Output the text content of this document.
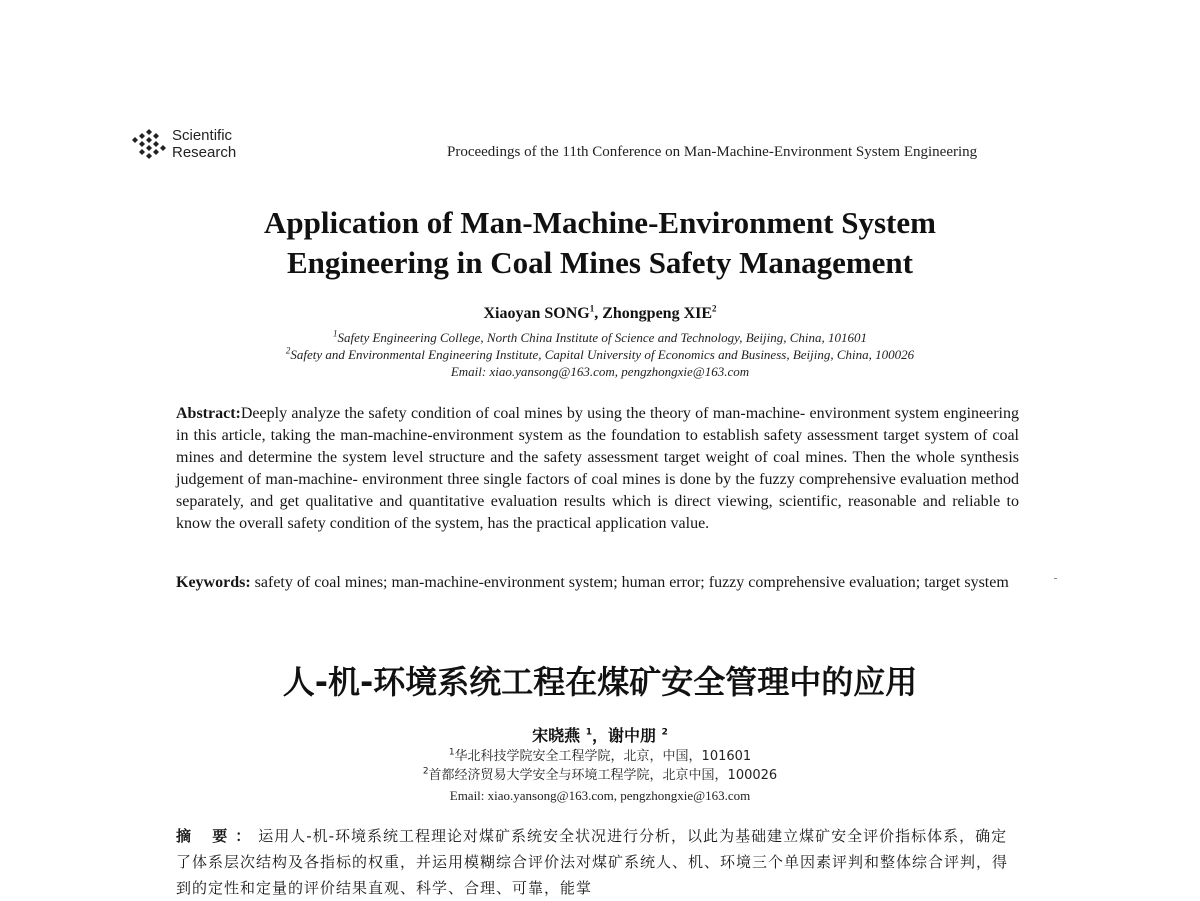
Scientific
Research	Proceedings of the 11th Conference on Man-Machine-Environment System Engineering
Application of Man-Machine-Environment System
Engineering in Coal Mines Safety Management
Xiaoyan SONG$^1$, Zhongpeng XIE$^2$
$^1$Safety Engineering College, North China Institute of Science and Technology, Beijing, China, 101601
$^2$Safety and Environmental Engineering Institute, Capital University of Economics and Business, Beijing, China, 100026
Email: xiao.yansong@163.com, pengzhongxie@163.com
Abstract:Deeply analyze the safety condition of coal mines by using the theory of man-machine- environment system engineering in this article, taking the man-machine-environment system as the foundation to establish safety assessment target system of coal mines and determine the system level structure and the safety assessment target weight of coal mines. Then the whole synthesis judgement of man-machine- environment three single factors of coal mines is done by the fuzzy comprehensive evaluation method separately, and get qualitative and quantitative evaluation results which is direct viewing, scientific, reasonable and reliable to know the overall safety condition of the system, has the practical application value.
Keywords: safety of coal mines; man-machine-environment system; human error; fuzzy comprehensive evaluation; target system
人-机-环境系统工程在煤矿安全管理中的应用
宋晓燕 $^1$，谢中朋 $^2$
$^1$华北科技学院安全工程学院，北京，中国，101601
$^2$首都经济贸易大学安全与环境工程学院，北京中国，100026
Email: xiao.yansong@163.com, pengzhongxie@163.com
摘 要：运用人-机-环境系统工程理论对煤矿系统安全状况进行分析，以此为基础建立煤矿安全评价指标体系，确定了体系层次结构及各指标的权重，并运用模糊综合评价法对煤矿系统人、机、环境三个单因素评判和整体综合评判，得到的定性和定量的评价结果直观、科学、合理、可靠，能掌
